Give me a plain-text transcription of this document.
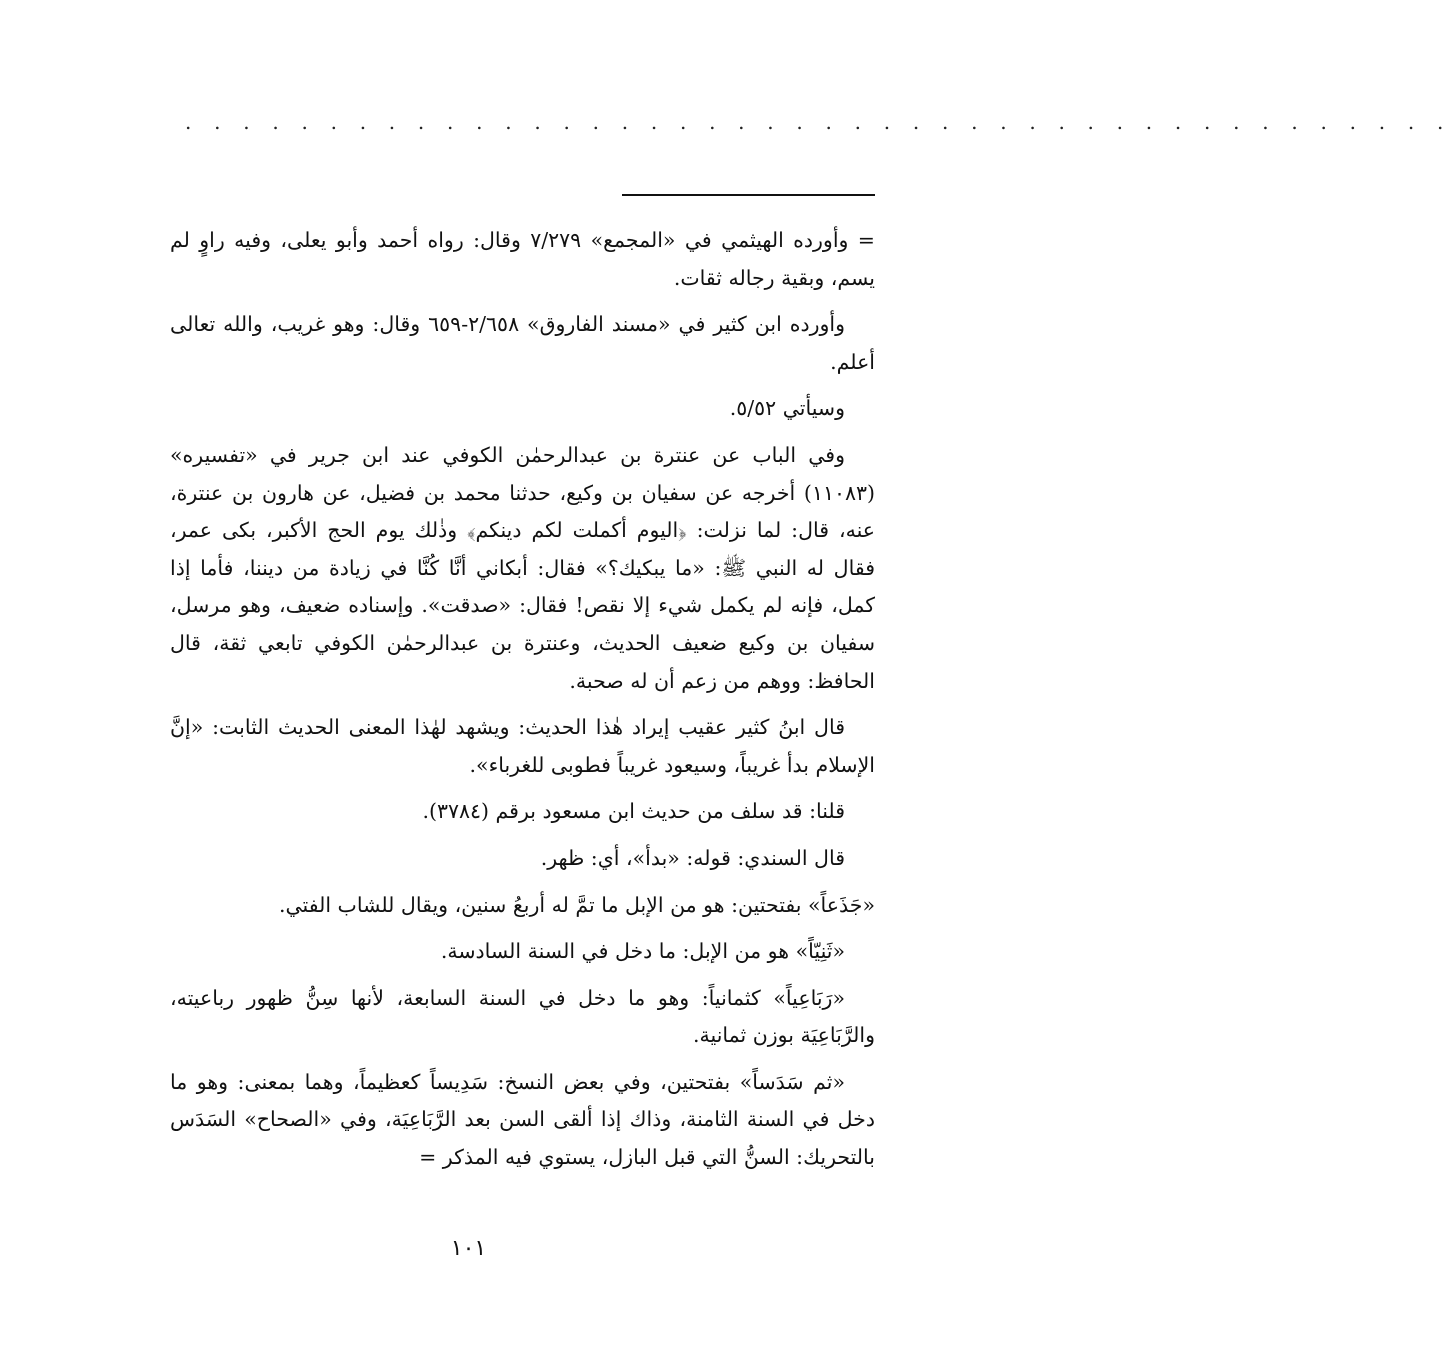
. . . . . . . . . . . . . . . . . . . . . . . . . . . . . . . . . . . . . . . . . . . .

= وأورده الهيثمي في «المجمع» ٧/٢٧٩ وقال: رواه أحمد وأبو يعلى، وفيه راوٍ لم يسم، وبقية رجاله ثقات.

وأورده ابن كثير في «مسند الفاروق» ٢/٦٥٨-٦٥٩ وقال: وهو غريب، والله تعالى أعلم.

وسيأتي ٥/٥٢.

وفي الباب عن عنترة بن عبدالرحمٰن الكوفي عند ابن جرير في «تفسيره» (١١٠٨٣) أخرجه عن سفيان بن وكيع، حدثنا محمد بن فضيل، عن هارون بن عنترة، عنه، قال: لما نزلت: ﴿اليوم أكملت لكم دينكم﴾ وذٰلك يوم الحج الأكبر، بكى عمر، فقال له النبي ﷺ: «ما يبكيك؟» فقال: أبكاني أنَّا كُنَّا في زيادة من ديننا، فأما إذا كمل، فإنه لم يكمل شيء إلا نقص! فقال: «صدقت». وإسناده ضعيف، وهو مرسل، سفيان بن وكيع ضعيف الحديث، وعنترة بن عبدالرحمٰن الكوفي تابعي ثقة، قال الحافظ: ووهم من زعم أن له صحبة.

قال ابنُ كثير عقيب إيراد هٰذا الحديث: ويشهد لهٰذا المعنى الحديث الثابت: «إنَّ الإسلام بدأ غريباً، وسيعود غريباً فطوبى للغرباء».

قلنا: قد سلف من حديث ابن مسعود برقم (٣٧٨٤).

قال السندي: قوله: «بدأ»، أي: ظهر.

«جَذَعاً» بفتحتين: هو من الإبل ما تمَّ له أربعُ سنين، ويقال للشاب الفتي.

«ثَنِيّاً» هو من الإبل: ما دخل في السنة السادسة.

«رَبَاعِياً» كثمانياً: وهو ما دخل في السنة السابعة، لأنها سِنُّ ظهور رباعيته، والرَّبَاعِيَة بوزن ثمانية.

«ثم سَدَساً» بفتحتين، وفي بعض النسخ: سَدِيساً كعظيماً، وهما بمعنى: وهو ما دخل في السنة الثامنة، وذاك إذا ألقى السن بعد الرَّبَاعِيَة، وفي «الصحاح» السَدَس بالتحريك: السنُّ التي قبل البازل، يستوي فيه المذكر =

١٠١
